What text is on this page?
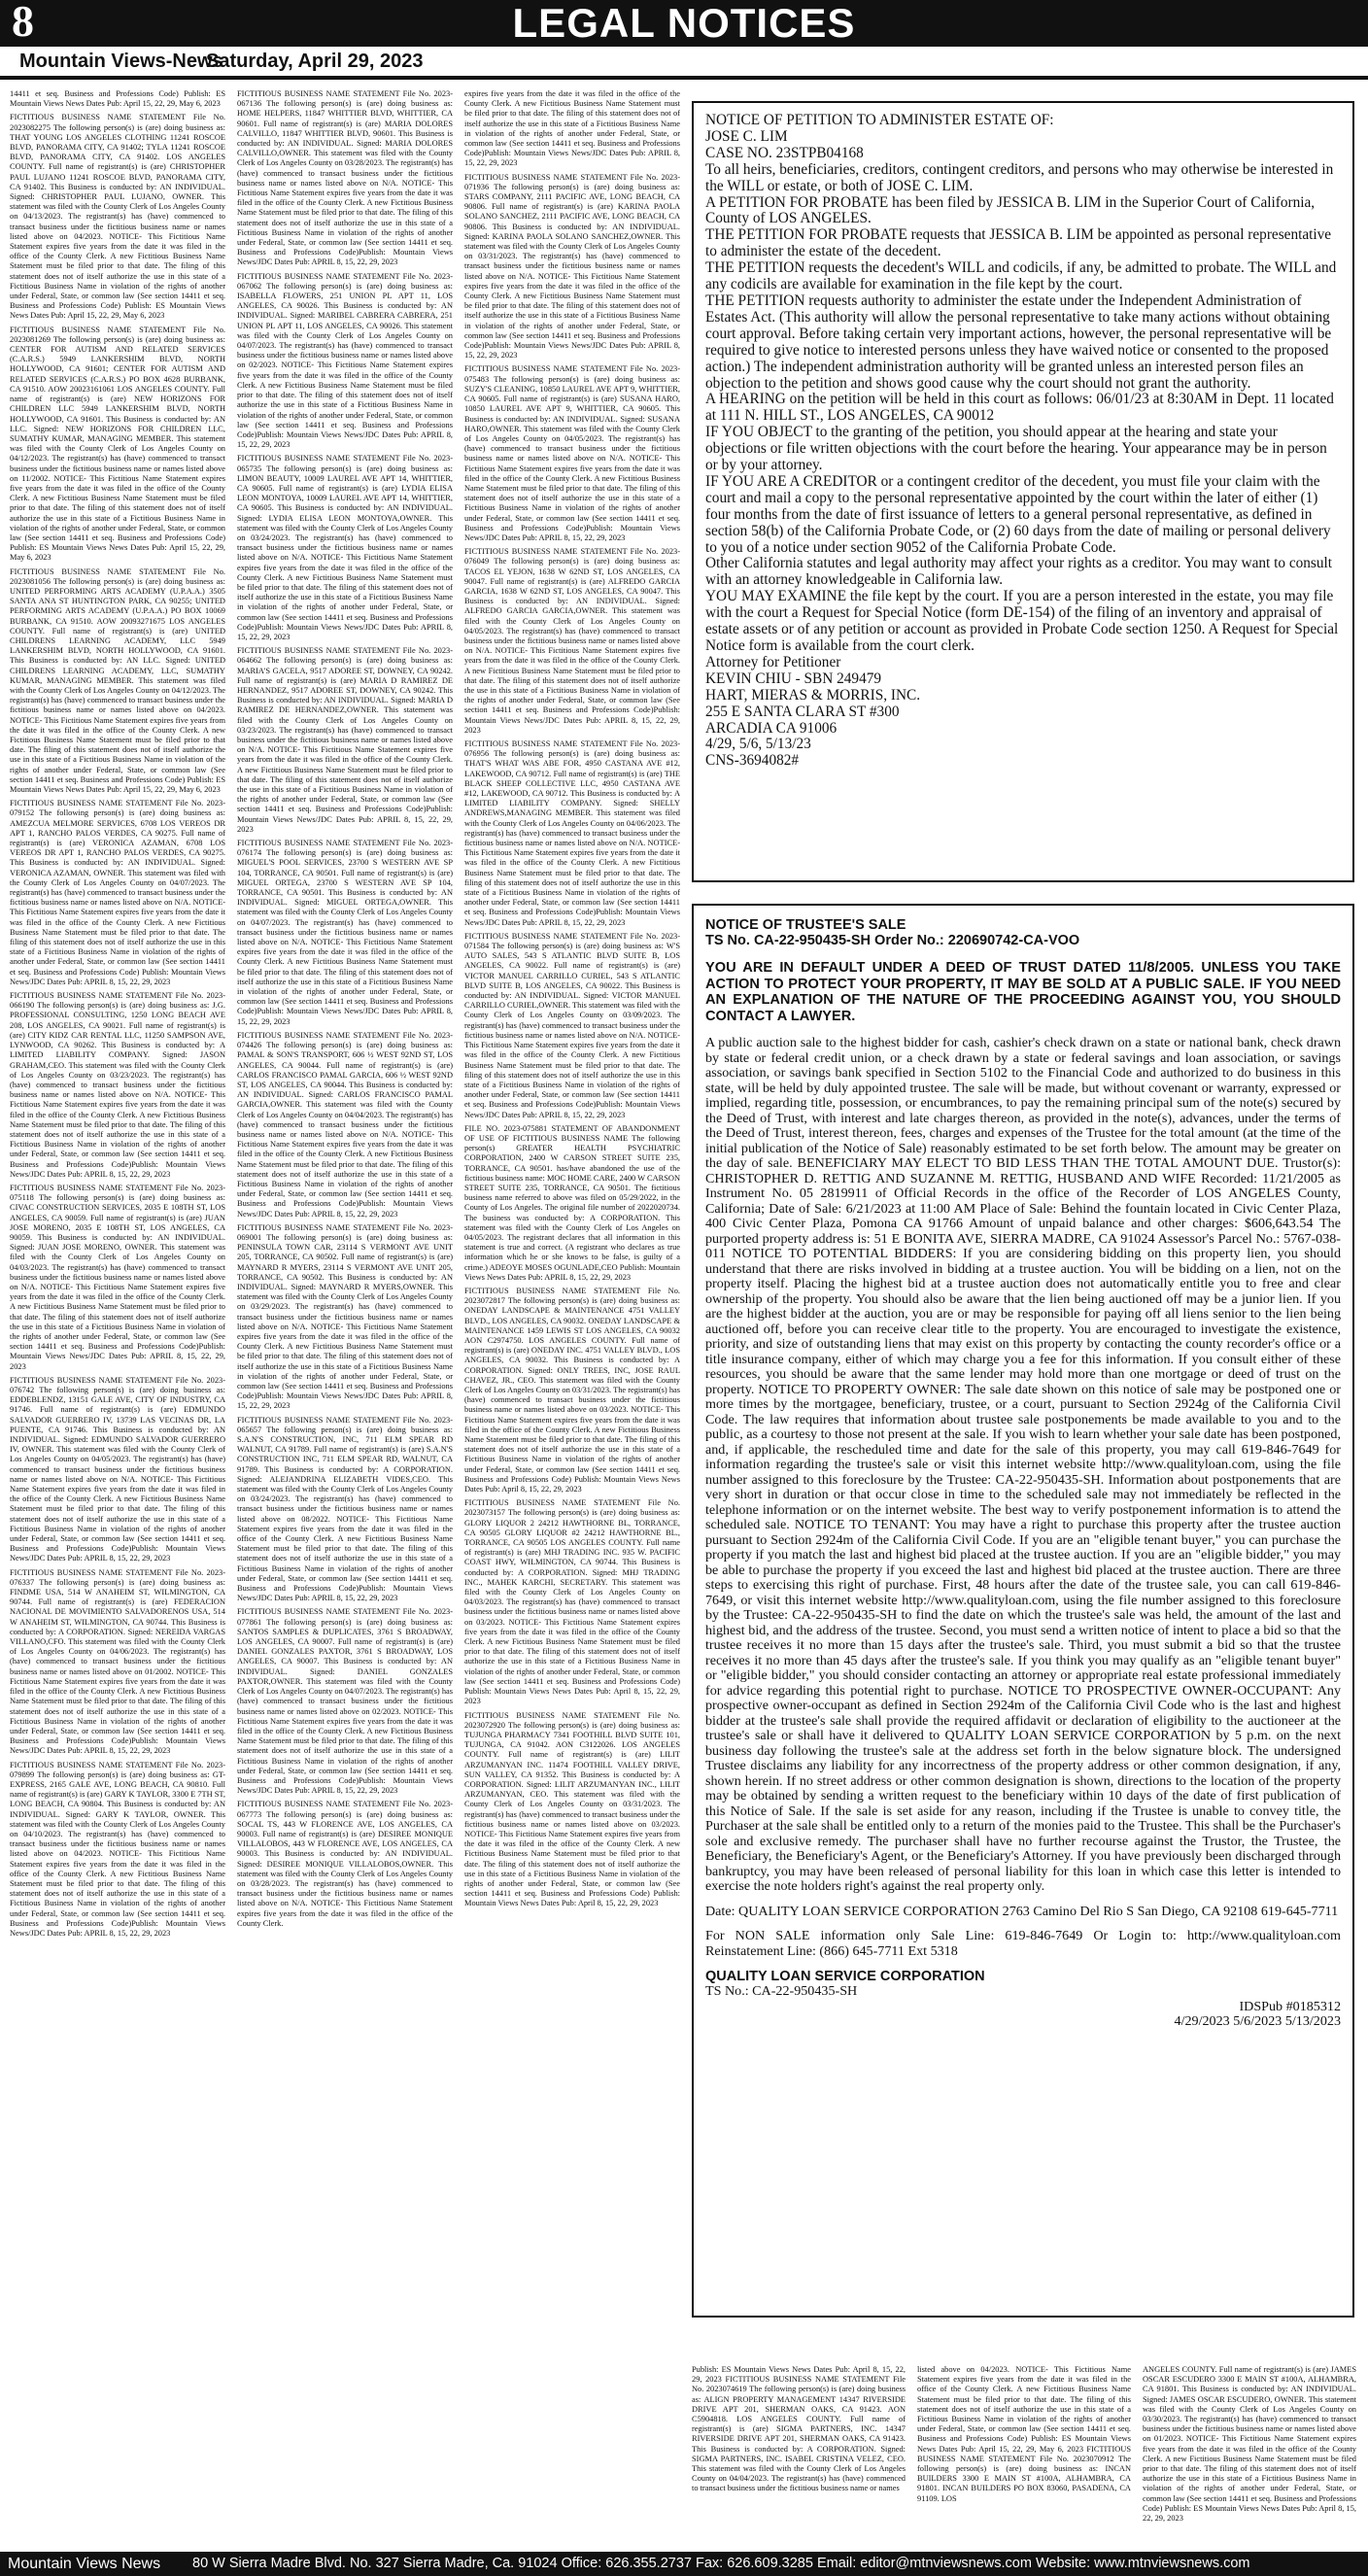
8	LEGAL NOTICES
Mountain Views-News
Saturday, April 29, 2023

14411 et seq. Business and Professions Code) Publish: ES Mountain Views News Dates Pub: April 15, 22, 29, May 6, 2023

FICTITIOUS BUSINESS NAME STATEMENT File No. 2023082275 The following person(s) is (are) doing business as: THAT YOUNG LOS ANGELES CLOTHING 11241 ROSCOE BLVD, PANORAMA CITY, CA 91402; TYLA 11241 ROSCOE BLVD, PANORAMA CITY, CA 91402. LOS ANGELES COUNTY. Full name of registrant(s) is (are) CHRISTOPHER PAUL LUJANO 11241 ROSCOE BLVD, PANORAMA CITY, CA 91402. This Business is conducted by: AN INDIVIDUAL. Signed: CHRISTOPHER PAUL LUJANO, OWNER. This statement was filed with the County Clerk of Los Angeles County on 04/13/2023. The registrant(s) has (have) commenced to transact business under the fictitious business name or names listed above on 04/2023. NOTICE- This Fictitious Name Statement expires five years from the date it was filed in the office of the County Clerk. A new Fictitious Business Name Statement must be filed prior to that date. The filing of this statement does not of itself authorize the use in this state of a Fictitious Business Name in violation of the rights of another under Federal, State, or common law (See section 14411 et seq. Business and Professions Code) Publish: ES Mountain Views News Dates Pub: April 15, 22, 29, May 6, 2023

FICTITIOUS BUSINESS NAME STATEMENT File No. 2023081269 The following person(s) is (are) doing business as: CENTER FOR AUTISM AND RELATED SERVICES (C.A.R.S.) 5949 LANKERSHIM BLVD, NORTH HOLLYWOOD, CA 91601; CENTER FOR AUTISM AND RELATED SERVICES (C.A.R.S.) PO BOX 4628 BURBANK, CA 91510. AOW 20023161061 LOS ANGELES COUNTY. Full name of registrant(s) is (are) NEW HORIZONS FOR CHILDREN LLC 5949 LANKERSHIM BLVD, NORTH HOLLYWOOD, CA 91601. This Business is conducted by: AN LLC. Signed: NEW HORIZONS FOR CHILDREN LLC, SUMATHY KUMAR, MANAGING MEMBER. This statement was filed with the County Clerk of Los Angeles County on 04/12/2023. The registrant(s) has (have) commenced to transact business under the fictitious business name or names listed above on 11/2002. NOTICE- This Fictitious Name Statement expires five years from the date it was filed in the office of the County Clerk. A new Fictitious Business Name Statement must be filed prior to that date. The filing of this statement does not of itself authorize the use in this state of a Fictitious Business Name in violation of the rights of another under Federal, State, or common law (See section 14411 et seq. Business and Professions Code) Publish: ES Mountain Views News Dates Pub: April 15, 22, 29, May 6, 2023

FICTITIOUS BUSINESS NAME STATEMENT File No. 2023081056 The following person(s) is (are) doing business as: UNITED PERFORMING ARTS ACADEMY (U.P.A.A.) 3505 SANTA ANA ST HUNTINGTON PARK, CA 90255; UNITED PERFORMING ARTS ACADEMY (U.P.A.A.) PO BOX 10069 BURBANK, CA 91510. AOW 20093271675 LOS ANGELES COUNTY. Full name of registrant(s) is (are) UNITED CHILDRENS LEARNING ACADEMY, LLC 5949 LANKERSHIM BLVD, NORTH HOLLYWOOD, CA 91601. This Business is conducted by: AN LLC. Signed: UNITED CHILDRENS LEARNING ACADEMY, LLC, SUMATHY KUMAR, MANAGING MEMBER. This statement was filed with the County Clerk of Los Angeles County on 04/12/2023. The registrant(s) has (have) commenced to transact business under the fictitious business name or names listed above on 04/2023. NOTICE- This Fictitious Name Statement expires five years from the date it was filed in the office of the County Clerk. A new Fictitious Business Name Statement must be filed prior to that date. The filing of this statement does not of itself authorize the use in this state of a Fictitious Business Name in violation of the rights of another under Federal, State, or common law (See section 14411 et seq. Business and Professions Code) Publish: ES Mountain Views News Dates Pub: April 15, 22, 29, May 6, 2023

FICTITIOUS BUSINESS NAME STATEMENT File No. 2023-079152 The following person(s) is (are) doing business as: AMEZCUA MELMORE SERVICES, 6708 LOS VEREOS DR APT 1, RANCHO PALOS VERDES, CA 90275. Full name of registrant(s) is (are) VERONICA AZAMAN, 6708 LOS VEREOS DR APT 1, RANCHO PALOS VERDES, CA 90275. This Business is conducted by: AN INDIVIDUAL. Signed: VERONICA AZAMAN, OWNER. This statement was filed with the County Clerk of Los Angeles County on 04/07/2023. The registrant(s) has (have) commenced to transact business under the fictitious business name or names listed above on N/A. NOTICE- This Fictitious Name Statement expires five years from the date it was filed in the office of the County Clerk. A new Fictitious Business Name Statement must be filed prior to that date. The filing of this statement does not of itself authorize the use in this state of a Fictitious Business Name in violation of the rights of another under Federal, State, or common law (See section 14411 et seq. Business and Professions Code) Publish: Mountain Views News/JDC Dates Pub: APRIL 8, 15, 22, 29, 2023

FICTITIOUS BUSINESS NAME STATEMENT File No. 2023-066190 The following person(s) is (are) doing business as: J.G. PROFESSIONAL CONSULTING, 1250 LONG BEACH AVE 208, LOS ANGELES, CA 90021. Full name of registrant(s) is (are) CITY KIDZ CAR RENTAL LLC, 11250 SAMPSON AVE, LYNWOOD, CA 90262. This Business is conducted by: A LIMITED LIABILITY COMPANY. Signed: JASON GRAHAM,CEO. This statement was filed with the County Clerk of Los Angeles County on 03/23/2023. The registrant(s) has (have) commenced to transact business under the fictitious business name or names listed above on N/A. NOTICE- This Fictitious Name Statement expires five years from the date it was filed in the office of the County Clerk. A new Fictitious Business Name Statement must be filed prior to that date. The filing of this statement does not of itself authorize the use in this state of a Fictitious Business Name in violation of the rights of another under Federal, State, or common law (See section 14411 et seq. Business and Professions Code)Publish: Mountain Views News/JDC Dates Pub: APRIL 8, 15, 22, 29, 2023

FICTITIOUS BUSINESS NAME STATEMENT File No. 2023-075118 The following person(s) is (are) doing business as: CIVAC CONSTRUCTION SERVICES, 2035 E 108TH ST, LOS ANGELES, CA 90059. Full name of registrant(s) is (are) JUAN JOSE MORENO, 2035 E 108TH ST, LOS ANGELES, CA 90059. This Business is conducted by: AN INDIVIDUAL. Signed: JUAN JOSE MORENO, OWNER. This statement was filed with the County Clerk of Los Angeles County on 04/03/2023. The registrant(s) has (have) commenced to transact business under the fictitious business name or names listed above on N/A. NOTICE- This Fictitious Name Statement expires five years from the date it was filed in the office of the County Clerk. A new Fictitious Business Name Statement must be filed prior to that date. The filing of this statement does not of itself authorize the use in this state of a Fictitious Business Name in violation of the rights of another under Federal, State, or common law (See section 14411 et seq. Business and Professions Code)Publish: Mountain Views News/JDC Dates Pub: APRIL 8, 15, 22, 29, 2023

FICTITIOUS BUSINESS NAME STATEMENT File No. 2023-076742 The following person(s) is (are) doing business as: EDDEBLENDZ, 13151 GALE AVE, CITY OF INDUSTRY, CA 91746. Full name of registrant(s) is (are) EDMUNDO SALVADOR GUERRERO IV, 13739 LAS VECINAS DR, LA PUENTE, CA 91746. This Business is conducted by: AN INDIVIDUAL. Signed: EDMUNDO SALVADOR GUERRERO IV, OWNER. This statement was filed with the County Clerk of Los Angeles County on 04/05/2023. The registrant(s) has (have) commenced to transact business under the fictitious business name or names listed above on N/A. NOTICE- This Fictitious Name Statement expires five years from the date it was filed in the office of the County Clerk. A new Fictitious Business Name Statement must be filed prior to that date. The filing of this statement does not of itself authorize the use in this state of a Fictitious Business Name in violation of the rights of another under Federal, State, or common law (See section 14411 et seq. Business and Professions Code)Publish: Mountain Views News/JDC Dates Pub: APRIL 8, 15, 22, 29, 2023

FICTITIOUS BUSINESS NAME STATEMENT File No. 2023-076337 The following person(s) is (are) doing business as: FINDME USA, 514 W ANAHEIM ST, WILMINGTON, CA 90744. Full name of registrant(s) is (are) FEDERACION NACIONAL DE MOVIMIENTO SALVADORENOS USA, 514 W ANAHEIM ST, WILMINGTON, CA 90744. This Business is conducted by: A CORPORATION. Signed: NEREIDA VARGAS VILLANO,CFO. This statement was filed with the County Clerk of Los Angeles County on 04/06/2023. The registrant(s) has (have) commenced to transact business under the fictitious business name or names listed above on 01/2002. NOTICE- This Fictitious Name Statement expires five years from the date it was filed in the office of the County Clerk. A new Fictitious Business Name Statement must be filed prior to that date. The filing of this statement does not of itself authorize the use in this state of a Fictitious Business Name in violation of the rights of another under Federal, State, or common law (See section 14411 et seq. Business and Professions Code)Publish: Mountain Views News/JDC Dates Pub: APRIL 8, 15, 22, 29, 2023

FICTITIOUS BUSINESS NAME STATEMENT File No. 2023-079899 The following person(s) is (are) doing business as: GT-EXPRESS, 2165 GALE AVE, LONG BEACH, CA 90810. Full name of registrant(s) is (are) GARY K TAYLOR, 3300 E 7TH ST, LONG BEACH, CA 90804. This Business is conducted by: AN INDIVIDUAL. Signed: GARY K TAYLOR, OWNER. This statement was filed with the County Clerk of Los Angeles County on 04/10/2023. The registrant(s) has (have) commenced to transact business under the fictitious business name or names listed above on 04/2023. NOTICE- This Fictitious Name Statement expires five years from the date it was filed in the office of the County Clerk. A new Fictitious Business Name Statement must be filed prior to that date. The filing of this statement does not of itself authorize the use in this state of a Fictitious Business Name in violation of the rights of another under Federal, State, or common law (See section 14411 et seq. Business and Professions Code)Publish: Mountain Views News/JDC Dates Pub: APRIL 8, 15, 22, 29, 2023

FICTITIOUS BUSINESS NAME STATEMENT File No. 2023-067136 The following person(s) is (are) doing business as: HOME HELPERS, 11847 WHITTIER BLVD, WHITTIER, CA 90601. Full name of registrant(s) is (are) MARIA DOLORES CALVILLO, 11847 WHITTIER BLVD, 90601. This Business is conducted by: AN INDIVIDUAL. Signed: MARIA DOLORES CALVILLO,OWNER. This statement was filed with the County Clerk of Los Angeles County on 03/28/2023. The registrant(s) has (have) commenced to transact business under the fictitious business name or names listed above on N/A. NOTICE- This Fictitious Name Statement expires five years from the date it was filed in the office of the County Clerk. A new Fictitious Business Name Statement must be filed prior to that date. The filing of this statement does not of itself authorize the use in this state of a Fictitious Business Name in violation of the rights of another under Federal, State, or common law (See section 14411 et seq. Business and Professions Code)Publish: Mountain Views News/JDC Dates Pub: APRIL 8, 15, 22, 29, 2023

FICTITIOUS BUSINESS NAME STATEMENT File No. 2023-067062 The following person(s) is (are) doing business as: ISABELLA FLOWERS, 251 UNION PL APT 11, LOS ANGELES, CA 90026. This Business is conducted by: AN INDIVIDUAL. Signed: MARIBEL CABRERA CABRERA, 251 UNION PL APT 11, LOS ANGELES, CA 90026. This statement was filed with the County Clerk of Los Angeles County on 04/07/2023. The registrant(s) has (have) commenced to transact business under the fictitious business name or names listed above on 02/2023. NOTICE- This Fictitious Name Statement expires five years from the date it was filed in the office of the County Clerk. A new Fictitious Business Name Statement must be filed prior to that date. The filing of this statement does not of itself authorize the use in this state of a Fictitious Business Name in violation of the rights of another under Federal, State, or common law (See section 14411 et seq. Business and Professions Code)Publish: Mountain Views News/JDC Dates Pub: APRIL 8, 15, 22, 29, 2023

FICTITIOUS BUSINESS NAME STATEMENT File No. 2023-065735 The following person(s) is (are) doing business as: LIMON BEAUTY, 10009 LAUREL AVE APT 14, WHITTIER, CA 90605. Full name of registrant(s) is (are) LYDIA ELISA LEON MONTOYA, 10009 LAUREL AVE APT 14, WHITTIER, CA 90605. This Business is conducted by: AN INDIVIDUAL. Signed: LYDIA ELISA LEON MONTOYA,OWNER. This statement was filed with the County Clerk of Los Angeles County on 03/24/2023. The registrant(s) has (have) commenced to transact business under the fictitious business name or names listed above on N/A. NOTICE- This Fictitious Name Statement expires five years from the date it was filed in the office of the County Clerk. A new Fictitious Business Name Statement must be filed prior to that date. The filing of this statement does not of itself authorize the use in this state of a Fictitious Business Name in violation of the rights of another under Federal, State, or common law (See section 14411 et seq. Business and Professions Code)Publish: Mountain Views News/JDC Dates Pub: APRIL 8, 15, 22, 29, 2023

FICTITIOUS BUSINESS NAME STATEMENT File No. 2023-064662 The following person(s) is (are) doing business as: MARIA'S GACELA, 9517 ADOREE ST, DOWNEY, CA 90242. Full name of registrant(s) is (are) MARIA D RAMIREZ DE HERNANDEZ, 9517 ADOREE ST, DOWNEY, CA 90242. This Business is conducted by: AN INDIVIDUAL. Signed: MARIA D RAMIREZ DE HERNANDEZ,OWNER. This statement was filed with the County Clerk of Los Angeles County on 03/23/2023. The registrant(s) has (have) commenced to transact business under the fictitious business name or names listed above on N/A. NOTICE- This Fictitious Name Statement expires five years from the date it was filed in the office of the County Clerk. A new Fictitious Business Name Statement must be filed prior to that date. The filing of this statement does not of itself authorize the use in this state of a Fictitious Business Name in violation of the rights of another under Federal, State, or common law (See section 14411 et seq. Business and Professions Code)Publish: Mountain Views News/JDC Dates Pub: APRIL 8, 15, 22, 29, 2023

FICTITIOUS BUSINESS NAME STATEMENT File No. 2023-076174 The following person(s) is (are) doing business as: MIGUEL'S POOL SERVICES, 23700 S WESTERN AVE SP 104, TORRANCE, CA 90501. Full name of registrant(s) is (are) MIGUEL ORTEGA, 23700 S WESTERN AVE SP 104, TORRANCE, CA 90501. This Business is conducted by: AN INDIVIDUAL. Signed: MIGUEL ORTEGA,OWNER. This statement was filed with the County Clerk of Los Angeles County on 04/07/2023. The registrant(s) has (have) commenced to transact business under the fictitious business name or names listed above on N/A. NOTICE- This Fictitious Name Statement expires five years from the date it was filed in the office of the County Clerk. A new Fictitious Business Name Statement must be filed prior to that date. The filing of this statement does not of itself authorize the use in this state of a Fictitious Business Name in violation of the rights of another under Federal, State, or common law (See section 14411 et seq. Business and Professions Code)Publish: Mountain Views News/JDC Dates Pub: APRIL 8, 15, 22, 29, 2023

FICTITIOUS BUSINESS NAME STATEMENT File No. 2023-074426 The following person(s) is (are) doing business as: PAMAL & SON'S TRANSPORT, 606 ½ WEST 92ND ST, LOS ANGELES, CA 90044. Full name of registrant(s) is (are) CARLOS FRANCISCO PAMAL GARCIA, 606 ½ WEST 92ND ST, LOS ANGELES, CA 90044. This Business is conducted by: AN INDIVIDUAL. Signed: CARLOS FRANCISCO PAMAL GARCIA,OWNER. This statement was filed with the County Clerk of Los Angeles County on 04/04/2023. The registrant(s) has (have) commenced to transact business under the fictitious business name or names listed above on N/A. NOTICE- This Fictitious Name Statement expires five years from the date it was filed in the office of the County Clerk. A new Fictitious Business Name Statement must be filed prior to that date. The filing of this statement does not of itself authorize the use in this state of a Fictitious Business Name in violation of the rights of another under Federal, State, or common law (See section 14411 et seq. Business and Professions Code)Publish: Mountain Views News/JDC Dates Pub: APRIL 8, 15, 22, 29, 2023

FICTITIOUS BUSINESS NAME STATEMENT File No. 2023-069001 The following person(s) is (are) doing business as: PENINSULA TOWN CAR, 23114 S VERMONT AVE UNIT 205, TORRANCE, CA 90502. Full name of registrant(s) is (are) MAYNARD R MYERS, 23114 S VERMONT AVE UNIT 205, TORRANCE, CA 90502. This Business is conducted by: AN INDIVIDUAL. Signed: MAYNARD R MYERS,OWNER. This statement was filed with the County Clerk of Los Angeles County on 03/29/2023. The registrant(s) has (have) commenced to transact business under the fictitious business name or names listed above on N/A. NOTICE- This Fictitious Name Statement expires five years from the date it was filed in the office of the County Clerk. A new Fictitious Business Name Statement must be filed prior to that date. The filing of this statement does not of itself authorize the use in this state of a Fictitious Business Name in violation of the rights of another under Federal, State, or common law (See section 14411 et seq. Business and Professions Code)Publish: Mountain Views News/JDC Dates Pub: APRIL 8, 15, 22, 29, 2023

FICTITIOUS BUSINESS NAME STATEMENT File No. 2023-065657 The following person(s) is (are) doing business as: S.A.N'S CONSTRUCTION, INC, 711 ELM SPEAR RD WALNUT, CA 91789. Full name of registrant(s) is (are) S.A.N'S CONSTRUCTION INC, 711 ELM SPEAR RD, WALNUT, CA 91789. This Business is conducted by: A CORPORATION. Signed: ALEJANDRINA ELIZABETH VIDES,CEO. This statement was filed with the County Clerk of Los Angeles County on 03/24/2023. The registrant(s) has (have) commenced to transact business under the fictitious business name or names listed above on 08/2022. NOTICE- This Fictitious Name Statement expires five years from the date it was filed in the office of the County Clerk. A new Fictitious Business Name Statement must be filed prior to that date. The filing of this statement does not of itself authorize the use in this state of a Fictitious Business Name in violation of the rights of another under Federal, State, or common law (See section 14411 et seq. Business and Professions Code)Publish: Mountain Views News/JDC Dates Pub: APRIL 8, 15, 22, 29, 2023

FICTITIOUS BUSINESS NAME STATEMENT File No. 2023-077861 The following person(s) is (are) doing business as: SANTOS SAMPLES & DUPLICATES, 3761 S BROADWAY, LOS ANGELES, CA 90007. Full name of registrant(s) is (are) DANIEL GONZALES PAXTOR, 3761 S BROADWAY, LOS ANGELES, CA 90007. This Business is conducted by: AN INDIVIDUAL. Signed: DANIEL GONZALES PAXTOR,OWNER. This statement was filed with the County Clerk of Los Angeles County on 04/07/2023. The registrant(s) has (have) commenced to transact business under the fictitious business name or names listed above on 02/2023. NOTICE- This Fictitious Name Statement expires five years from the date it was filed in the office of the County Clerk. A new Fictitious Business Name Statement must be filed prior to that date. The filing of this statement does not of itself authorize the use in this state of a Fictitious Business Name in violation of the rights of another under Federal, State, or common law (See section 14411 et seq. Business and Professions Code)Publish: Mountain Views News/JDC Dates Pub: APRIL 8, 15, 22, 29, 2023

FICTITIOUS BUSINESS NAME STATEMENT File No. 2023-067773 The following person(s) is (are) doing business as: SOCAL TS, 443 W FLORENCE AVE, LOS ANGELES, CA 90003. Full name of registrant(s) is (are) DESIREE MONIQUE VILLALOBOS, 443 W FLORENCE AVE, LOS ANGELES, CA 90003. This Business is conducted by: AN INDIVIDUAL. Signed: DESIREE MONIQUE VILLALOBOS,OWNER. This statement was filed with the County Clerk of Los Angeles County on 03/28/2023. The registrant(s) has (have) commenced to transact business under the fictitious business name or names listed above on N/A. NOTICE- This Fictitious Name Statement expires five years from the date it was filed in the office of the County Clerk.

expires five years from the date it was filed in the office of the County Clerk. A new Fictitious Business Name Statement must be filed prior to that date. The filing of this statement does not of itself authorize the use in this state of a Fictitious Business Name in violation of the rights of another under Federal, State, or common law (See section 14411 et seq. Business and Professions Code)Publish: Mountain Views News/JDC Dates Pub: APRIL 8, 15, 22, 29, 2023

FICTITIOUS BUSINESS NAME STATEMENT File No. 2023-071936 The following person(s) is (are) doing business as: STARS COMPANY, 2111 PACIFIC AVE, LONG BEACH, CA 90806. Full name of registrant(s) is (are) KARINA PAOLA SOLANO SANCHEZ, 2111 PACIFIC AVE, LONG BEACH, CA 90806. This Business is conducted by: AN INDIVIDUAL. Signed: KARINA PAOLA SOLANO SANCHEZ,OWNER. This statement was filed with the County Clerk of Los Angeles County on 03/31/2023. The registrant(s) has (have) commenced to transact business under the fictitious business name or names listed above on N/A. NOTICE- This Fictitious Name Statement expires five years from the date it was filed in the office of the County Clerk. A new Fictitious Business Name Statement must be filed prior to that date. The filing of this statement does not of itself authorize the use in this state of a Fictitious Business Name in violation of the rights of another under Federal, State, or common law (See section 14411 et seq. Business and Professions Code)Publish: Mountain Views News/JDC Dates Pub: APRIL 8, 15, 22, 29, 2023

FICTITIOUS BUSINESS NAME STATEMENT File No. 2023-075483 The following person(s) is (are) doing business as: SUZY'S CLEANING, 10850 LAUREL AVE APT 9, WHITTIER, CA 90605. Full name of registrant(s) is (are) SUSANA HARO, 10850 LAUREL AVE APT 9, WHITTIER, CA 90605. This Business is conducted by: AN INDIVIDUAL. Signed: SUSANA HARO,OWNER. This statement was filed with the County Clerk of Los Angeles County on 04/05/2023. The registrant(s) has (have) commenced to transact business under the fictitious business name or names listed above on N/A. NOTICE- This Fictitious Name Statement expires five years from the date it was filed in the office of the County Clerk. A new Fictitious Business Name Statement must be filed prior to that date. The filing of this statement does not of itself authorize the use in this state of a Fictitious Business Name in violation of the rights of another under Federal, State, or common law (See section 14411 et seq. Business and Professions Code)Publish: Mountain Views News/JDC Dates Pub: APRIL 8, 15, 22, 29, 2023

FICTITIOUS BUSINESS NAME STATEMENT File No. 2023-076049 The following person(s) is (are) doing business as: TACOS EL YEJON, 1638 W 62ND ST, LOS ANGELES, CA 90047. Full name of registrant(s) is (are) ALFREDO GARCIA GARCIA, 1638 W 62ND ST, LOS ANGELES, CA 90047. This Business is conducted by: AN INDIVIDUAL. Signed: ALFREDO GARCIA GARCIA,OWNER. This statement was filed with the County Clerk of Los Angeles County on 04/05/2023. The registrant(s) has (have) commenced to transact business under the fictitious business name or names listed above on N/A. NOTICE- This Fictitious Name Statement expires five years from the date it was filed in the office of the County Clerk. A new Fictitious Business Name Statement must be filed prior to that date. The filing of this statement does not of itself authorize the use in this state of a Fictitious Business Name in violation of the rights of another under Federal, State, or common law (See section 14411 et seq. Business and Professions Code)Publish: Mountain Views News/JDC Dates Pub: APRIL 8, 15, 22, 29, 2023

FICTITIOUS BUSINESS NAME STATEMENT File No. 2023-076956 The following person(s) is (are) doing business as: THAT'S WHAT WAS ABE FOR, 4950 CASTANA AVE #12, LAKEWOOD, CA 90712. Full name of registrant(s) is (are) THE BLACK SHEEP COLLECTIVE LLC, 4950 CASTANA AVE #12, LAKEWOOD, CA 90712. This Business is conducted by: A LIMITED LIABILITY COMPANY. Signed: SHELLY ANDREWS,MANAGING MEMBER. This statement was filed with the County Clerk of Los Angeles County on 04/06/2023. The registrant(s) has (have) commenced to transact business under the fictitious business name or names listed above on N/A. NOTICE- This Fictitious Name Statement expires five years from the date it was filed in the office of the County Clerk. A new Fictitious Business Name Statement must be filed prior to that date. The filing of this statement does not of itself authorize the use in this state of a Fictitious Business Name in violation of the rights of another under Federal, State, or common law (See section 14411 et seq. Business and Professions Code)Publish: Mountain Views News/JDC Dates Pub: APRIL 8, 15, 22, 29, 2023

FICTITIOUS BUSINESS NAME STATEMENT File No. 2023-071584 The following person(s) is (are) doing business as: W'S AUTO SALES, 543 S ATLANTIC BLVD SUITE B, LOS ANGELES, CA 90022. Full name of registrant(s) is (are) VICTOR MANUEL CARRILLO CURIEL, 543 S ATLANTIC BLVD SUITE B, LOS ANGELES, CA 90022. This Business is conducted by: AN INDIVIDUAL. Signed: VICTOR MANUEL CARRILLO CURIEL,OWNER. This statement was filed with the County Clerk of Los Angeles County on 03/09/2023. The registrant(s) has (have) commenced to transact business under the fictitious business name or names listed above on N/A. NOTICE- This Fictitious Name Statement expires five years from the date it was filed in the office of the County Clerk. A new Fictitious Business Name Statement must be filed prior to that date. The filing of this statement does not of itself authorize the use in this state of a Fictitious Business Name in violation of the rights of another under Federal, State, or common law (See section 14411 et seq. Business and Professions Code)Publish: Mountain Views News/JDC Dates Pub: APRIL 8, 15, 22, 29, 2023

FILE NO. 2023-075881 STATEMENT OF ABANDONMENT OF USE OF FICTITIOUS BUSINESS NAME The following person(s) GREATER HEALTH PSYCHIATRIC CORPORATION, 2400 W CARSON STREET SUITE 235, TORRANCE, CA 90501. has/have abandoned the use of the fictitious business name: MOC HOME CARE, 2400 W CARSON STREET SUITE 235, TORRANCE, CA 90501. The fictitious business name referred to above was filed on 05/29/2022, in the County of Los Angeles. The original file number of 2022020734. The business was conducted by: A CORPORATION. This statement was filed with the County Clerk of Los Angeles on 04/05/2023. The registrant declares that all information in this statement is true and correct. (A registrant who declares as true information which he or she knows to be false, is guilty of a crime.) ADEOYE MOSES OGUNLADE,CEO Publish: Mountain Views News Dates Pub: APRIL 8, 15, 22, 29, 2023

FICTITIOUS BUSINESS NAME STATEMENT File No. 2023072817 The following person(s) is (are) doing business as: ONEDAY LANDSCAPE & MAINTENANCE 4751 VALLEY BLVD., LOS ANGELES, CA 90032. ONEDAY LANDSCAPE & MAINTENANCE 1459 LEWIS ST LOS ANGELES, CA 90032 AON C2974750. LOS ANGELES COUNTY. Full name of registrant(s) is (are) ONEDAY INC. 4751 VALLEY BLVD., LOS ANGELES, CA 90032. This Business is conducted by: A CORPORATION. Signed: ONLY TREES, INC, JOSE RAUL CHAVEZ, JR., CEO. This statement was filed with the County Clerk of Los Angeles County on 03/31/2023. The registrant(s) has (have) commenced to transact business under the fictitious business name or names listed above on 03/2023. NOTICE- This Fictitious Name Statement expires five years from the date it was filed in the office of the County Clerk. A new Fictitious Business Name Statement must be filed prior to that date. The filing of this statement does not of itself authorize the use in this state of a Fictitious Business Name in violation of the rights of another under Federal, State, or common law (See section 14411 et seq. Business and Professions Code) Publish: Mountain Views News Dates Pub: April 8, 15, 22, 29, 2023

FICTITIOUS BUSINESS NAME STATEMENT File No. 2023073157 The following person(s) is (are) doing business as: GLORY LIQUOR 2 24212 HAWTHORNE BL, TORRANCE, CA 90505 GLORY LIQUOR #2 24212 HAWTHORNE BL., TORRANCE, CA 90505 LOS ANGELES COUNTY. Full name of registrant(s) is (are) MHJ TRADING INC. 935 W. PACIFIC COAST HWY, WILMINGTON, CA 90744. This Business is conducted by: A CORPORATION. Signed: MHJ TRADING INC., MAHEK KARCHI, SECRETARY. This statement was filed with the County Clerk of Los Angeles County on 04/03/2023. The registrant(s) has (have) commenced to transact business under the fictitious business name or names listed above on 03/2023. NOTICE- This Fictitious Name Statement expires five years from the date it was filed in the office of the County Clerk. A new Fictitious Business Name Statement must be filed prior to that date. The filing of this statement does not of itself authorize the use in this state of a Fictitious Business Name in violation of the rights of another under Federal, State, or common law (See section 14411 et seq. Business and Professions Code) Publish: Mountain Views News Dates Pub: April 8, 15, 22, 29, 2023

FICTITIOUS BUSINESS NAME STATEMENT File No. 2023072920 The following person(s) is (are) doing business as: TUJUNGA PHARMACY 7341 FOOTHILL BLVD SUITE 101, TUJUNGA, CA 91042. AON C3122026. LOS ANGELES COUNTY. Full name of registrant(s) is (are) LILIT ARZUMANYAN INC. 11474 FOOTHILL VALLEY DRIVE, SUN VALLEY, CA 91352. This Business is conducted by: A CORPORATION. Signed: LILIT ARZUMANYAN INC., LILIT ARZUMANYAN, CEO. This statement was filed with the County Clerk of Los Angeles County on 03/31/2023. The registrant(s) has (have) commenced to transact business under the fictitious business name or names listed above on 03/2023. NOTICE- This Fictitious Name Statement expires five years from the date it was filed in the office of the County Clerk. A new Fictitious Business Name Statement must be filed prior to that date. The filing of this statement does not of itself authorize the use in this state of a Fictitious Business Name in violation of the rights of another under Federal, State, or common law (See section 14411 et seq. Business and Professions Code) Publish: Mountain Views News Dates Pub: April 8, 15, 22, 29, 2023

NOTICE OF PETITION TO ADMINISTER ESTATE OF:
JOSE C. LIM
CASE NO. 23STPB04168
To all heirs, beneficiaries, creditors, contingent creditors, and persons who may otherwise be interested in the WILL or estate, or both of JOSE C. LIM.
A PETITION FOR PROBATE has been filed by JESSICA B. LIM in the Superior Court of California, County of LOS ANGELES.
THE PETITION FOR PROBATE requests that JESSICA B. LIM be appointed as personal representative to administer the estate of the decedent.
THE PETITION requests the decedent's WILL and codicils, if any, be admitted to probate. The WILL and any codicils are available for examination in the file kept by the court.
THE PETITION requests authority to administer the estate under the Independent Administration of Estates Act. (This authority will allow the personal representative to take many actions without obtaining court approval. Before taking certain very important actions, however, the personal representative will be required to give notice to interested persons unless they have waived notice or consented to the proposed action.) The independent administration authority will be granted unless an interested person files an objection to the petition and shows good cause why the court should not grant the authority.
A HEARING on the petition will be held in this court as follows: 06/01/23 at 8:30AM in Dept. 11 located at 111 N. HILL ST., LOS ANGELES, CA 90012
IF YOU OBJECT to the granting of the petition, you should appear at the hearing and state your objections or file written objections with the court before the hearing. Your appearance may be in person or by your attorney.
IF YOU ARE A CREDITOR or a contingent creditor of the decedent, you must file your claim with the court and mail a copy to the personal representative appointed by the court within the later of either (1) four months from the date of first issuance of letters to a general personal representative, as defined in section 58(b) of the California Probate Code, or (2) 60 days from the date of mailing or personal delivery to you of a notice under section 9052 of the California Probate Code.
Other California statutes and legal authority may affect your rights as a creditor. You may want to consult with an attorney knowledgeable in California law.
YOU MAY EXAMINE the file kept by the court. If you are a person interested in the estate, you may file with the court a Request for Special Notice (form DE-154) of the filing of an inventory and appraisal of estate assets or of any petition or account as provided in Probate Code section 1250. A Request for Special Notice form is available from the court clerk.
Attorney for Petitioner
KEVIN CHIU - SBN 249479
HART, MIERAS & MORRIS, INC.
255 E SANTA CLARA ST #300
ARCADIA CA 91006
4/29, 5/6, 5/13/23
CNS-3694082#
NOTICE OF TRUSTEE'S SALE
TS No. CA-22-950435-SH Order No.: 220690742-CA-VOO
YOU ARE IN DEFAULT UNDER A DEED OF TRUST DATED 11/8/2005. UNLESS YOU TAKE ACTION TO PROTECT YOUR PROPERTY, IT MAY BE SOLD AT A PUBLIC SALE. IF YOU NEED AN EXPLANATION OF THE NATURE OF THE PROCEEDING AGAINST YOU, YOU SHOULD CONTACT A LAWYER.

A public auction sale to the highest bidder for cash, cashier's check drawn on a state or national bank, check drawn by state or federal credit union, or a check drawn by a state or federal savings and loan association, or savings association, or savings bank specified in Section 5102 to the Financial Code and authorized to do business in this state, will be held by duly appointed trustee. The sale will be made, but without covenant or warranty, expressed or implied, regarding title, possession, or encumbrances, to pay the remaining principal sum of the note(s) secured by the Deed of Trust, with interest and late charges thereon, as provided in the note(s), advances, under the terms of the Deed of Trust, interest thereon, fees, charges and expenses of the Trustee for the total amount (at the time of the initial publication of the Notice of Sale) reasonably estimated to be set forth below. The amount may be greater on the day of sale. BENEFICIARY MAY ELECT TO BID LESS THAN THE TOTAL AMOUNT DUE. Trustor(s): CHRISTOPHER D. RETTIG AND SUZANNE M. RETTIG, HUSBAND AND WIFE Recorded: 11/21/2005 as Instrument No. 05 2819911 of Official Records in the office of the Recorder of LOS ANGELES County, California; Date of Sale: 6/21/2023 at 11:00 AM Place of Sale: Behind the fountain located in Civic Center Plaza, 400 Civic Center Plaza, Pomona CA 91766 Amount of unpaid balance and other charges: $606,643.54 The purported property address is: 51 E BONITA AVE, SIERRA MADRE, CA 91024 Assessor's Parcel No.: 5767-038-011 NOTICE TO POTENTIAL BIDDERS: If you are considering bidding on this property lien, you should understand that there are risks involved in bidding at a trustee auction. You will be bidding on a lien, not on the property itself. Placing the highest bid at a trustee auction does not automatically entitle you to free and clear ownership of the property. You should also be aware that the lien being auctioned off may be a junior lien. If you are the highest bidder at the auction, you are or may be responsible for paying off all liens senior to the lien being auctioned off, before you can receive clear title to the property. You are encouraged to investigate the existence, priority, and size of outstanding liens that may exist on this property by contacting the county recorder's office or a title insurance company, either of which may charge you a fee for this information. If you consult either of these resources, you should be aware that the same lender may hold more than one mortgage or deed of trust on the property. NOTICE TO PROPERTY OWNER: The sale date shown on this notice of sale may be postponed one or more times by the mortgagee, beneficiary, trustee, or a court, pursuant to Section 2924g of the California Civil Code. The law requires that information about trustee sale postponements be made available to you and to the public, as a courtesy to those not present at the sale. If you wish to learn whether your sale date has been postponed, and, if applicable, the rescheduled time and date for the sale of this property, you may call 619-846-7649 for information regarding the trustee's sale or visit this internet website http://www.qualityloan.com, using the file number assigned to this foreclosure by the Trustee: CA-22-950435-SH. Information about postponements that are very short in duration or that occur close in time to the scheduled sale may not immediately be reflected in the telephone information or on the internet website. The best way to verify postponement information is to attend the scheduled sale. NOTICE TO TENANT: You may have a right to purchase this property after the trustee auction pursuant to Section 2924m of the California Civil Code. If you are an "eligible tenant buyer," you can purchase the property if you match the last and highest bid placed at the trustee auction. If you are an "eligible bidder," you may be able to purchase the property if you exceed the last and highest bid placed at the trustee auction. There are three steps to exercising this right of purchase. First, 48 hours after the date of the trustee sale, you can call 619-846-7649, or visit this internet website http://www.qualityloan.com, using the file number assigned to this foreclosure by the Trustee: CA-22-950435-SH to find the date on which the trustee's sale was held, the amount of the last and highest bid, and the address of the trustee. Second, you must send a written notice of intent to place a bid so that the trustee receives it no more than 15 days after the trustee's sale. Third, you must submit a bid so that the trustee receives it no more than 45 days after the trustee's sale. If you think you may qualify as an "eligible tenant buyer" or "eligible bidder," you should consider contacting an attorney or appropriate real estate professional immediately for advice regarding this potential right to purchase. NOTICE TO PROSPECTIVE OWNER-OCCUPANT: Any prospective owner-occupant as defined in Section 2924m of the California Civil Code who is the last and highest bidder at the trustee's sale shall provide the required affidavit or declaration of eligibility to the auctioneer at the trustee's sale or shall have it delivered to QUALITY LOAN SERVICE CORPORATION by 5 p.m. on the next business day following the trustee's sale at the address set forth in the below signature block. The undersigned Trustee disclaims any liability for any incorrectness of the property address or other common designation, if any, shown herein. If no street address or other common designation is shown, directions to the location of the property may be obtained by sending a written request to the beneficiary within 10 days of the date of first publication of this Notice of Sale. If the sale is set aside for any reason, including if the Trustee is unable to convey title, the Purchaser at the sale shall be entitled only to a return of the monies paid to the Trustee. This shall be the Purchaser's sole and exclusive remedy. The purchaser shall have no further recourse against the Trustor, the Trustee, the Beneficiary, the Beneficiary's Agent, or the Beneficiary's Attorney. If you have previously been discharged through bankruptcy, you may have been released of personal liability for this loan in which case this letter is intended to exercise the note holders right's against the real property only.

Date: QUALITY LOAN SERVICE CORPORATION 2763 Camino Del Rio S San Diego, CA 92108 619-645-7711

For NON SALE information only Sale Line: 619-846-7649 Or Login to: http://www.qualityloan.com Reinstatement Line: (866) 645-7711 Ext 5318

QUALITY LOAN SERVICE CORPORATION
TS No.: CA-22-950435-SH
IDSPub #0185312
4/29/2023 5/6/2023 5/13/2023
Publish: ES Mountain Views News Dates Pub: April 8, 15, 22, 29, 2023 FICTITIOUS BUSINESS NAME STATEMENT File No. 2023074619 The following person(s) is (are) doing business as: ALIGN PROPERTY MANAGEMENT 14347 RIVERSIDE DRIVE APT 201, SHERMAN OAKS, CA 91423. AON C5904818. LOS ANGELES COUNTY. Full name of registrant(s) is (are) SIGMA PARTNERS, INC. 14347 RIVERSIDE DRIVE APT 201, SHERMAN OAKS, CA 91423. This Business is conducted by: A CORPORATION. Signed: SIGMA PARTNERS, INC. ISABEL CRISTINA VELEZ, CEO. This statement was filed with the County Clerk of Los Angeles County on 04/04/2023. The registrant(s) has (have) commenced to transact business under the fictitious business name or names
listed above on 04/2023. NOTICE- This Fictitious Name Statement expires five years from the date it was filed in the office of the County Clerk. A new Fictitious Business Name Statement must be filed prior to that date. The filing of this statement does not of itself authorize the use in this state of a Fictitious Business Name in violation of the rights of another under Federal, State, or common law (See section 14411 et seq. Business and Professions Code) Publish: ES Mountain Views News Dates Pub: April 15, 22, 29, May 6, 2023 FICTITIOUS BUSINESS NAME STATEMENT File No. 2023070912 The following person(s) is (are) doing business as: INCAN BUILDERS 3300 E MAIN ST #100A, ALHAMBRA, CA 91801. INCAN BUILDERS PO BOX 83060, PASADENA, CA 91109. LOS
ANGELES COUNTY. Full name of registrant(s) is (are) JAMES OSCAR ESCUDERO 3300 E MAIN ST #100A, ALHAMBRA, CA 91801. This Business is conducted by: AN INDIVIDUAL. Signed: JAMES OSCAR ESCUDERO, OWNER. This statement was filed with the County Clerk of Los Angeles County on 03/30/2023. The registrant(s) has (have) commenced to transact business under the fictitious business name or names listed above on 01/2023. NOTICE- This Fictitious Name Statement expires five years from the date it was filed in the office of the County Clerk. A new Fictitious Business Name Statement must be filed prior to that date. The filing of this statement does not of itself authorize the use in this state of a Fictitious Business Name in violation of the rights of another under Federal, State, or common law (See section 14411 et seq. Business and Professions Code) Publish: ES Mountain Views News Dates Pub: April 8, 15, 22, 29, 2023
Mountain Views News 80 W Sierra Madre Blvd. No. 327 Sierra Madre, Ca. 91024 Office: 626.355.2737 Fax: 626.609.3285 Email: editor@mtnviewsnews.com Website: www.mtnviewsnews.com
